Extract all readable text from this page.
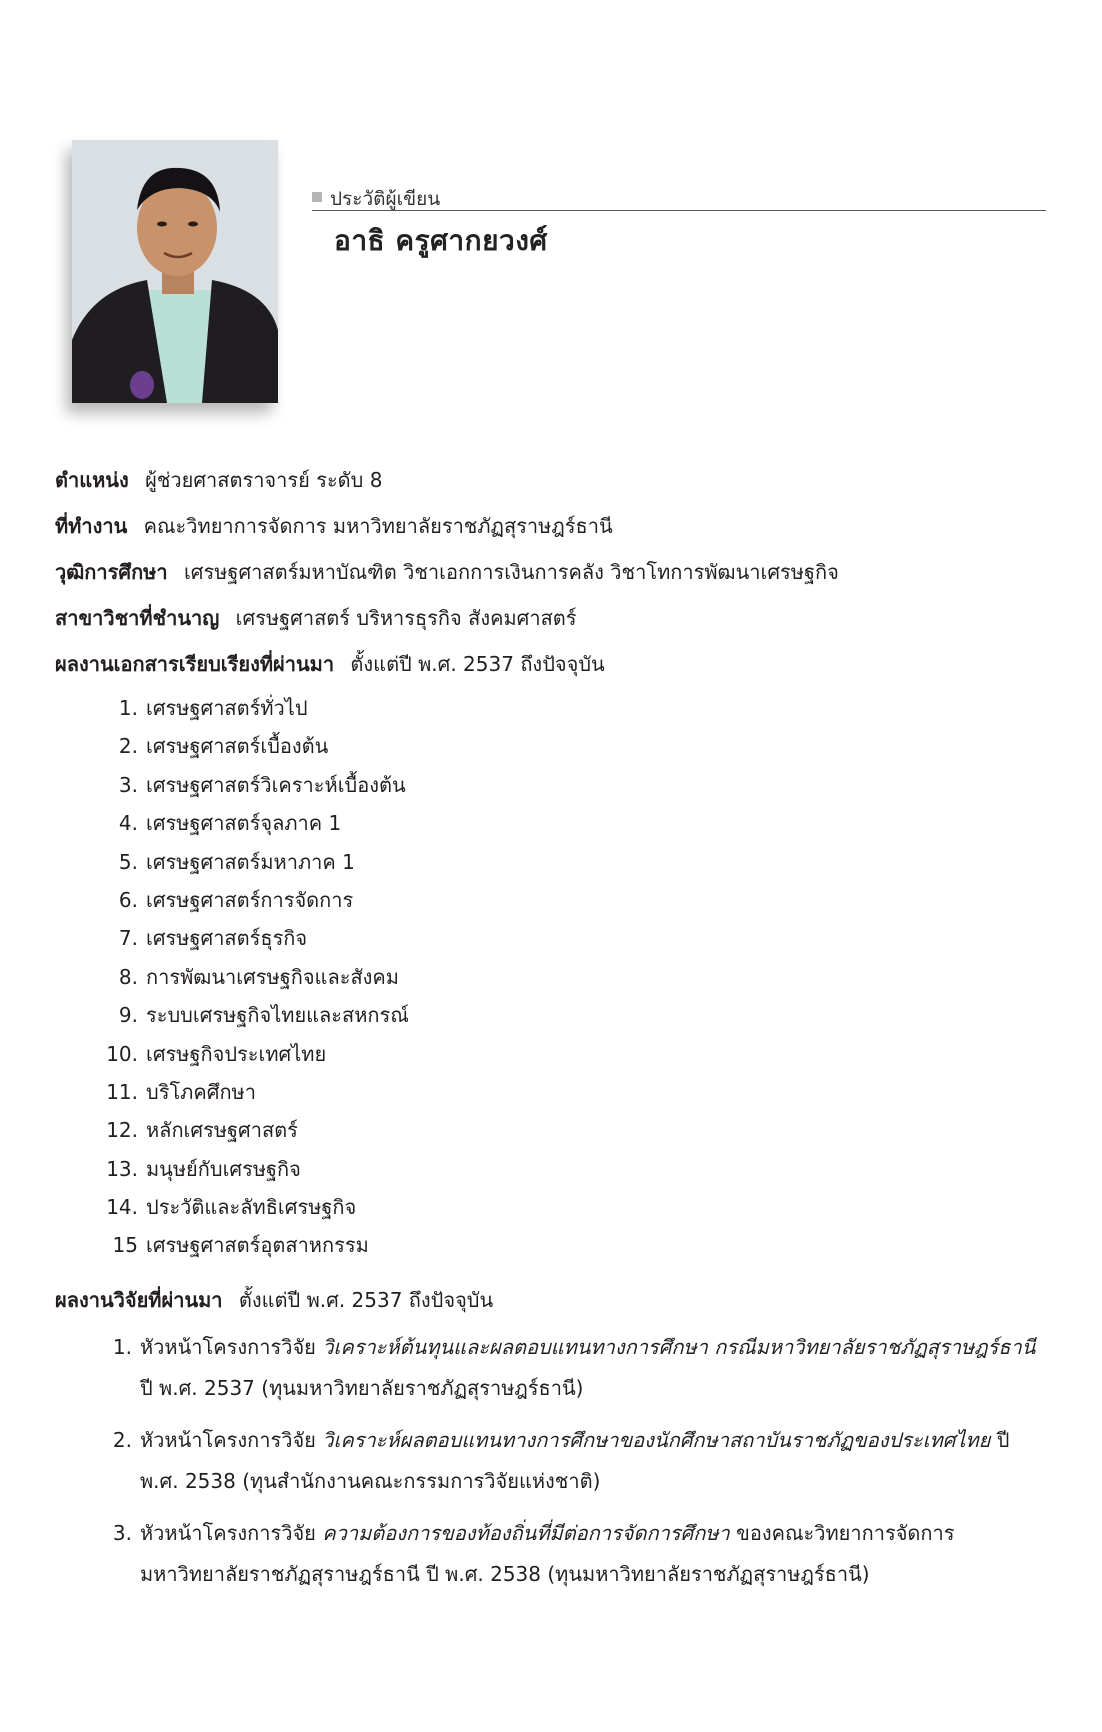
ประวัติผู้เขียน
อาธิ ครูศากยวงศ์
ตำแหน่ง ผู้ช่วยศาสตราจารย์ ระดับ 8
ที่ทำงาน คณะวิทยาการจัดการ มหาวิทยาลัยราชภัฏสุราษฎร์ธานี
วุฒิการศึกษา เศรษฐศาสตร์มหาบัณฑิต วิชาเอกการเงินการคลัง วิชาโทการพัฒนาเศรษฐกิจ
สาขาวิชาที่ชำนาญ เศรษฐศาสตร์ บริหารธุรกิจ สังคมศาสตร์
ผลงานเอกสารเรียบเรียงที่ผ่านมา ตั้งแต่ปี พ.ศ. 2537 ถึงปัจจุบัน
1. เศรษฐศาสตร์ทั่วไป
2. เศรษฐศาสตร์เบื้องต้น
3. เศรษฐศาสตร์วิเคราะห์เบื้องต้น
4. เศรษฐศาสตร์จุลภาค 1
5. เศรษฐศาสตร์มหาภาค 1
6. เศรษฐศาสตร์การจัดการ
7. เศรษฐศาสตร์ธุรกิจ
8. การพัฒนาเศรษฐกิจและสังคม
9. ระบบเศรษฐกิจไทยและสหกรณ์
10. เศรษฐกิจประเทศไทย
11. บริโภคศึกษา
12. หลักเศรษฐศาสตร์
13. มนุษย์กับเศรษฐกิจ
14. ประวัติและลัทธิเศรษฐกิจ
15 เศรษฐศาสตร์อุตสาหกรรม
ผลงานวิจัยที่ผ่านมา ตั้งแต่ปี พ.ศ. 2537 ถึงปัจจุบัน
1. หัวหน้าโครงการวิจัย วิเคราะห์ต้นทุนและผลตอบแทนทางการศึกษา กรณีมหาวิทยาลัยราชภัฏสุราษฎร์ธานี ปี พ.ศ. 2537 (ทุนมหาวิทยาลัยราชภัฏสุราษฎร์ธานี)
2. หัวหน้าโครงการวิจัย วิเคราะห์ผลตอบแทนทางการศึกษาของนักศึกษาสถาบันราชภัฏของประเทศไทย ปี พ.ศ. 2538 (ทุนสำนักงานคณะกรรมการวิจัยแห่งชาติ)
3. หัวหน้าโครงการวิจัย ความต้องการของท้องถิ่นที่มีต่อการจัดการศึกษา ของคณะวิทยาการจัดการ มหาวิทยาลัยราชภัฏสุราษฎร์ธานี ปี พ.ศ. 2538 (ทุนมหาวิทยาลัยราชภัฏสุราษฎร์ธานี)
